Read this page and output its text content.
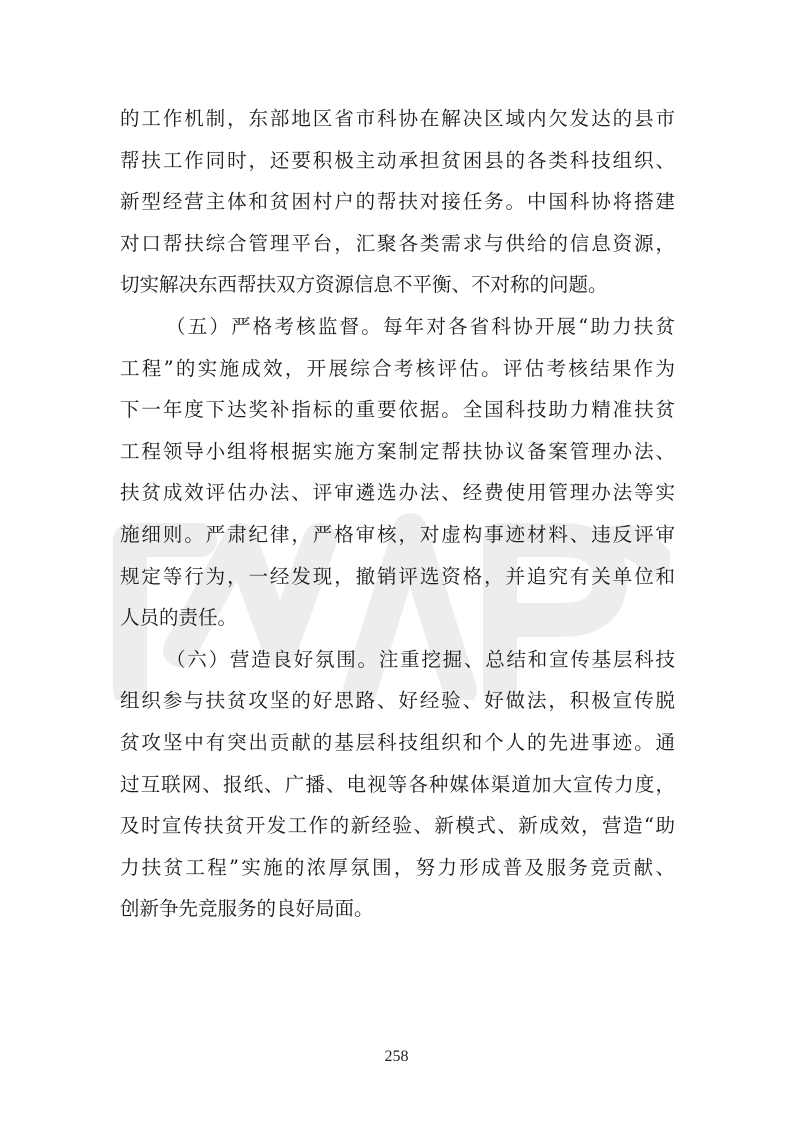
的工作机制，东部地区省市科协在解决区域内欠发达的县市
帮扶工作同时，还要积极主动承担贫困县的各类科技组织、
新型经营主体和贫困村户的帮扶对接任务。中国科协将搭建
对口帮扶综合管理平台，汇聚各类需求与供给的信息资源，
切实解决东西帮扶双方资源信息不平衡、不对称的问题。
（五）严格考核监督。每年对各省科协开展“助力扶贫
工程”的实施成效，开展综合考核评估。评估考核结果作为
下一年度下达奖补指标的重要依据。全国科技助力精准扶贫
工程领导小组将根据实施方案制定帮扶协议备案管理办法、
扶贫成效评估办法、评审遴选办法、经费使用管理办法等实
施细则。严肃纪律，严格审核，对虚构事迹材料、违反评审
规定等行为，一经发现，撤销评选资格，并追究有关单位和
人员的责任。
（六）营造良好氛围。注重挖掘、总结和宣传基层科技
组织参与扶贫攻坚的好思路、好经验、好做法，积极宣传脱
贫攻坚中有突出贡献的基层科技组织和个人的先进事迹。通
过互联网、报纸、广播、电视等各种媒体渠道加大宣传力度，
及时宣传扶贫开发工作的新经验、新模式、新成效，营造“助
力扶贫工程”实施的浓厚氛围，努力形成普及服务竞贡献、
创新争先竞服务的良好局面。
258
